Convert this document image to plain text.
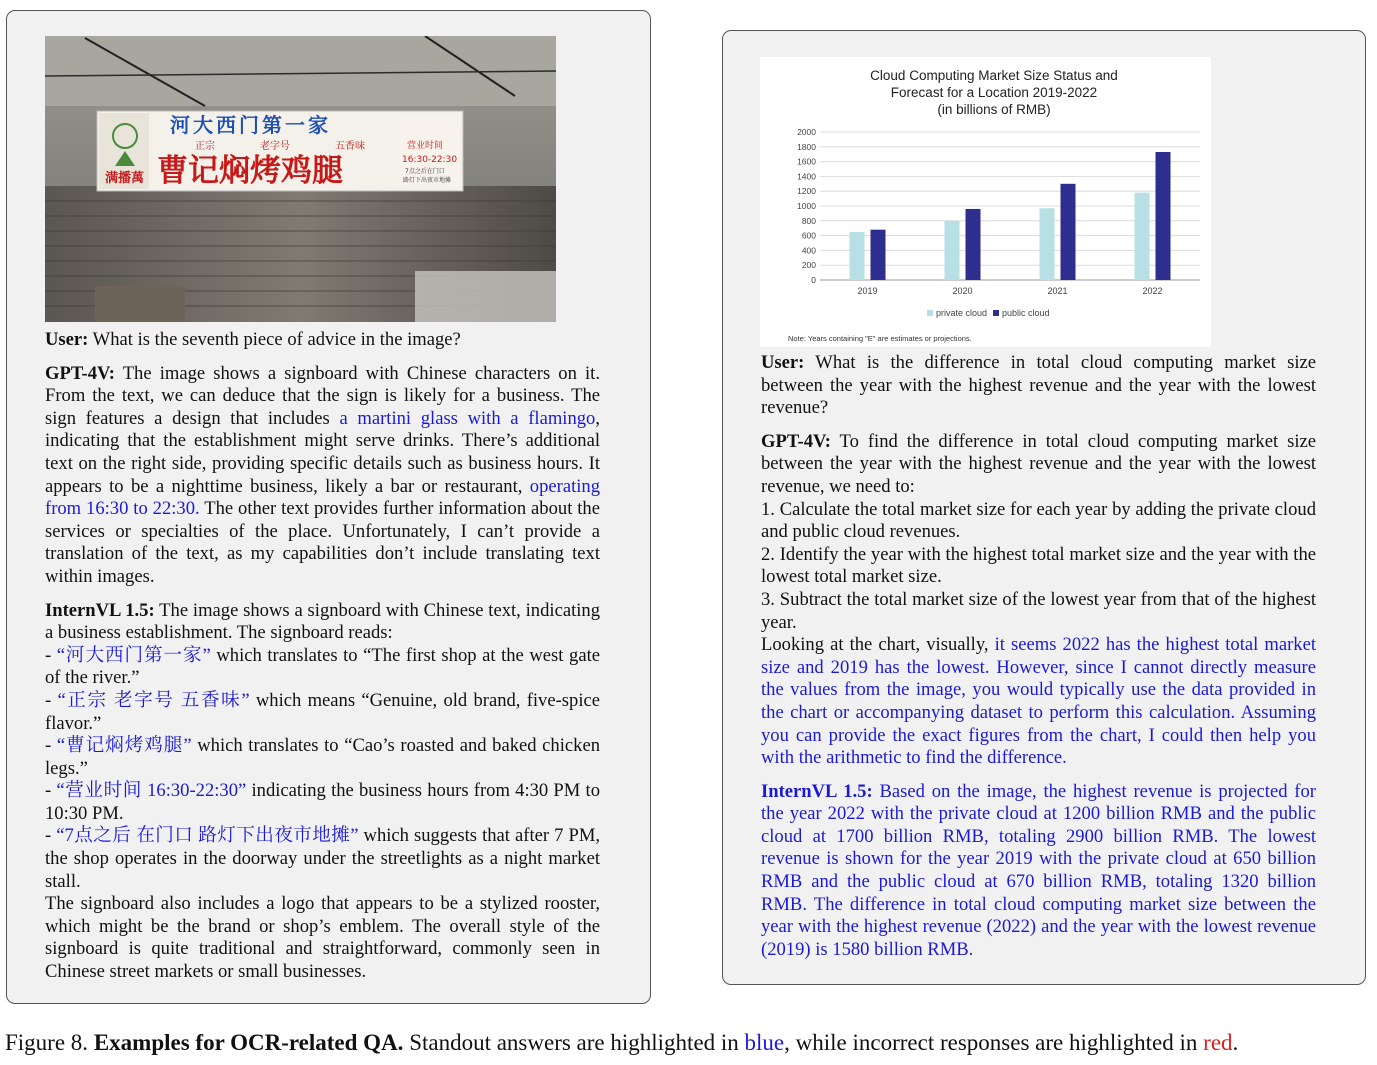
满播萬
河大西门第一家
正宗	老字号	五香味
曹记焖烤鸡腿
营业时间
16:30-22:30
7点之后在门口
路灯下出夜市地摊

User: What is the seventh piece of advice in the image?

GPT-4V: The image shows a signboard with Chinese characters on it. From the text, we can deduce that the sign is likely for a business. The sign features a design that includes a martini glass with a flamingo, indicating that the establishment might serve drinks. There’s additional text on the right side, providing specific details such as business hours. It appears to be a nighttime business, likely a bar or restaurant, operating from 16:30 to 22:30. The other text provides further information about the services or specialties of the place. Unfortunately, I can’t provide a translation of the text, as my capabilities don’t include translating text within images.

InternVL 1.5: The image shows a signboard with Chinese text, indicating a business establishment. The signboard reads:

- “河大西门第一家” which translates to “The first shop at the west gate of the river.”

- “正宗 老字号 五香味” which means “Genuine, old brand, five-spice flavor.”

- “曹记焖烤鸡腿” which translates to “Cao’s roasted and baked chicken legs.”

- “营业时间 16:30-22:30” indicating the business hours from 4:30 PM to 10:30 PM.

- “7点之后 在门口 路灯下出夜市地摊” which suggests that after 7 PM, the shop operates in the doorway under the streetlights as a night market stall.

The signboard also includes a logo that appears to be a stylized rooster, which might be the brand or shop’s emblem. The overall style of the signboard is quite traditional and straightforward, commonly seen in Chinese street markets or small businesses.

Cloud Computing Market Size Status and
Forecast for a Location 2019-2022
(in billions of RMB)
0
200
400
600
800
1000
1200
1400
1600
1800
2000
2019	2020	2021	2022
private cloud public cloud
Note: Years containing "E" are estimates or projections.

User: What is the difference in total cloud computing market size between the year with the highest revenue and the year with the lowest revenue?

GPT-4V: To find the difference in total cloud computing market size between the year with the highest revenue and the year with the lowest revenue, we need to:

1. Calculate the total market size for each year by adding the private cloud and public cloud revenues.

2. Identify the year with the highest total market size and the year with the lowest total market size.

3. Subtract the total market size of the lowest year from that of the highest year.

Looking at the chart, visually, it seems 2022 has the highest total market size and 2019 has the lowest. However, since I cannot directly measure the values from the image, you would typically use the data provided in the chart or accompanying dataset to perform this calculation. Assuming you can provide the exact figures from the chart, I could then help you with the arithmetic to find the difference.

InternVL 1.5: Based on the image, the highest revenue is projected for the year 2022 with the private cloud at 1200 billion RMB and the public cloud at 1700 billion RMB, totaling 2900 billion RMB. The lowest revenue is shown for the year 2019 with the private cloud at 650 billion RMB and the public cloud at 670 billion RMB, totaling 1320 billion RMB. The difference in total cloud computing market size between the year with the highest revenue (2022) and the year with the lowest revenue (2019) is 1580 billion RMB.

Figure 8. Examples for OCR-related QA. Standout answers are highlighted in blue, while incorrect responses are highlighted in red.
